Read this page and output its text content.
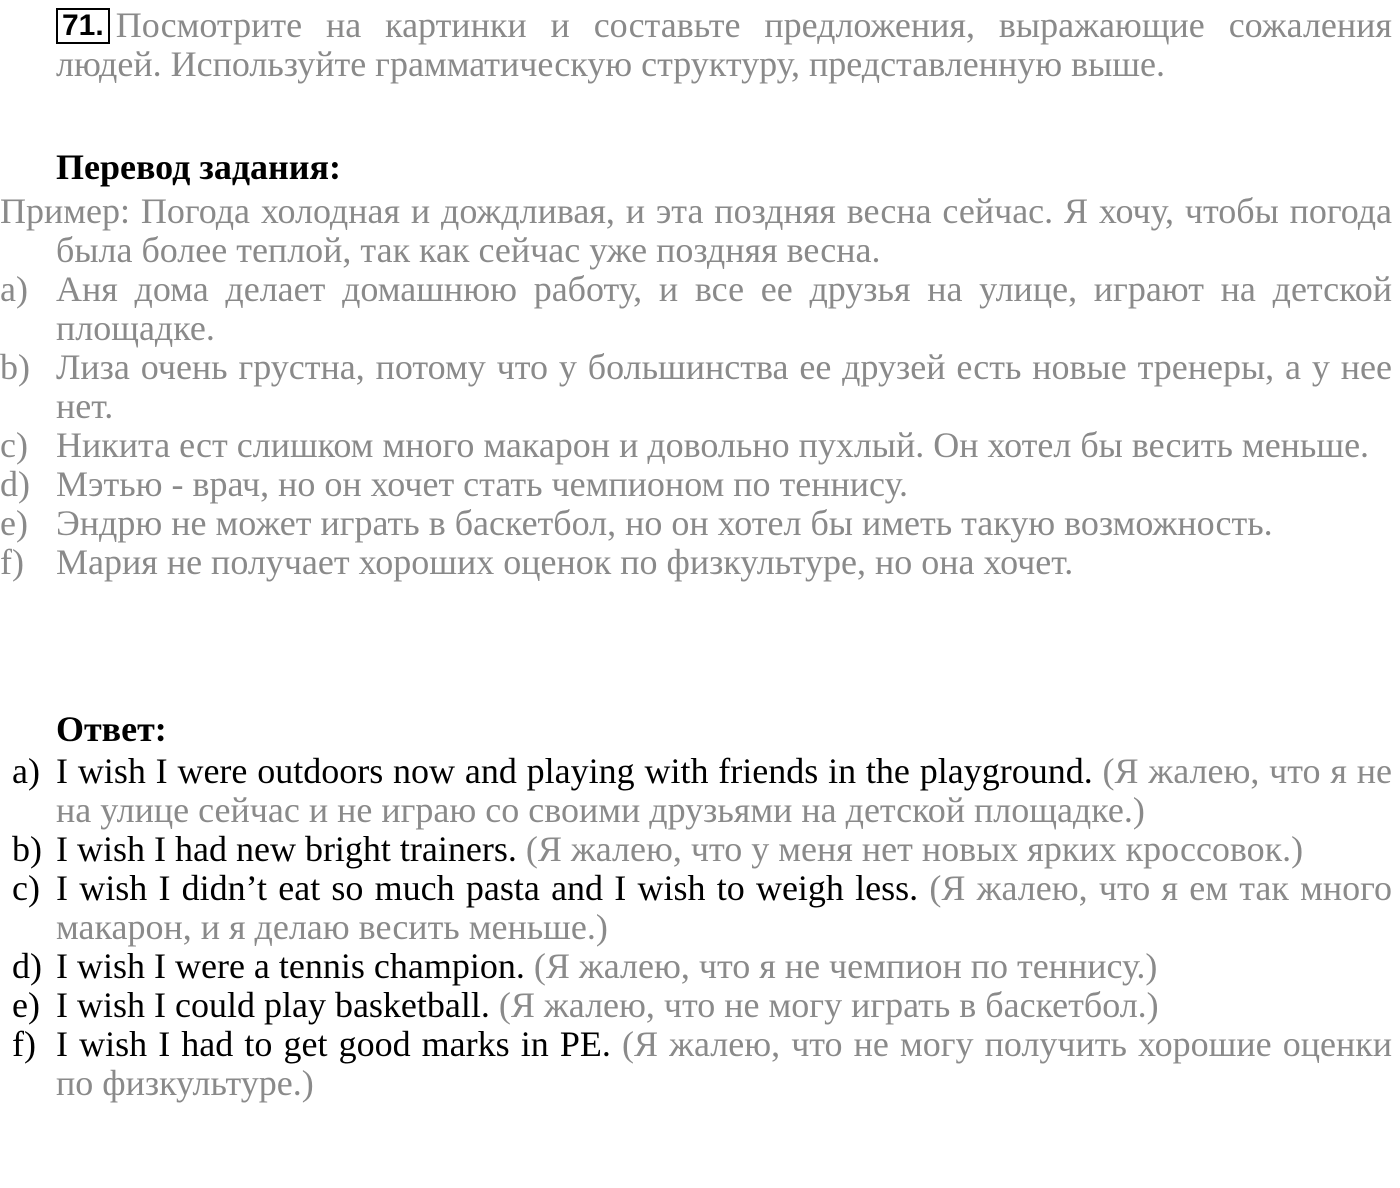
71. Посмотрите на картинки и составьте предложения, выражающие сожаления людей. Используйте грамматическую структуру, представленную выше.

Перевод задания:

Пример: Погода холодная и дождливая, и эта поздняя весна сейчас. Я хочу, чтобы погода была более теплой, так как сейчас уже поздняя весна.
a) Аня дома делает домашнюю работу, и все ее друзья на улице, играют на детской площадке.
b) Лиза очень грустна, потому что у большинства ее друзей есть новые тренеры, а у нее нет.
c) Никита ест слишком много макарон и довольно пухлый. Он хотел бы весить меньше.
d) Мэтью - врач, но он хочет стать чемпионом по теннису.
e) Эндрю не может играть в баскетбол, но он хотел бы иметь такую возможность.
f) Мария не получает хороших оценок по физкультуре, но она хочет.

Ответ:

a) I wish I were outdoors now and playing with friends in the playground. (Я жалею, что я не на улице сейчас и не играю со своими друзьями на детской площадке.)
b) I wish I had new bright trainers. (Я жалею, что у меня нет новых ярких кроссовок.)
c) I wish I didn’t eat so much pasta and I wish to weigh less. (Я жалею, что я ем так много макарон, и я делаю весить меньше.)
d) I wish I were a tennis champion. (Я жалею, что я не чемпион по теннису.)
e) I wish I could play basketball. (Я жалею, что не могу играть в баскетбол.)
f) I wish I had to get good marks in PE. (Я жалею, что не могу получить хорошие оценки по физкультуре.)
